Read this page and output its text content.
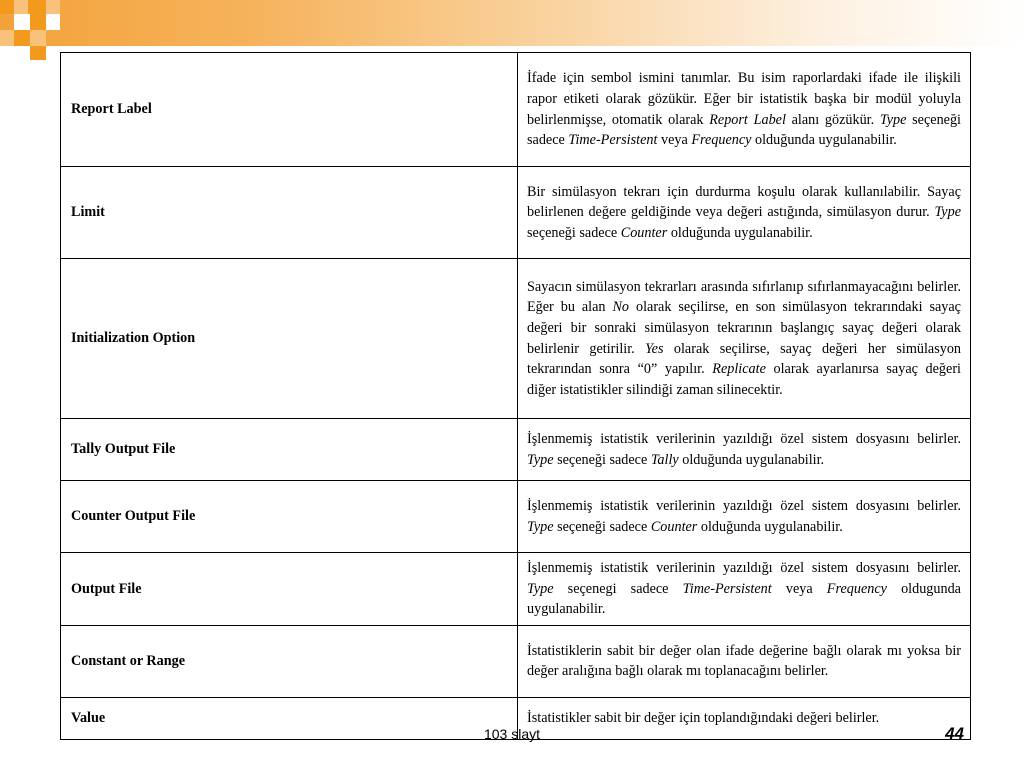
Report Label	İfade için sembol ismini tanımlar. Bu isim raporlardaki ifade ile ilişkili rapor etiketi olarak gözükür. Eğer bir istatistik başka bir modül yoluyla belirlenmişse, otomatik olarak Report Label alanı gözükür. Type seçeneği sadece Time-Persistent veya Frequency olduğunda uygulanabilir.
Limit	Bir simülasyon tekrarı için durdurma koşulu olarak kullanılabilir. Sayaç belirlenen değere geldiğinde veya değeri astığında, simülasyon durur. Type seçeneği sadece Counter olduğunda uygulanabilir.
Initialization Option	Sayacın simülasyon tekrarları arasında sıfırlanıp sıfırlanmayacağını belirler. Eğer bu alan No olarak seçilirse, en son simülasyon tekrarındaki sayaç değeri bir sonraki simülasyon tekrarının başlangıç sayaç değeri olarak belirlenir getirilir. Yes olarak seçilirse, sayaç değeri her simülasyon tekrarından sonra “0” yapılır. Replicate olarak ayarlanırsa sayaç değeri diğer istatistikler silindiği zaman silinecektir.
Tally Output File	İşlenmemiş istatistik verilerinin yazıldığı özel sistem dosyasını belirler. Type seçeneği sadece Tally olduğunda uygulanabilir.
Counter Output File	İşlenmemiş istatistik verilerinin yazıldığı özel sistem dosyasını belirler. Type seçeneği sadece Counter olduğunda uygulanabilir.
Output File	İşlenmemiş istatistik verilerinin yazıldığı özel sistem dosyasını belirler. Type seçenegi sadece Time-Persistent veya Frequency oldugunda uygulanabilir.
Constant or Range	İstatistiklerin sabit bir değer olan ifade değerine bağlı olarak mı yoksa bir değer aralığına bağlı olarak mı toplanacağını belirler.
Value	İstatistikler sabit bir değer için toplandığındaki değeri belirler.
103 slayt	44
